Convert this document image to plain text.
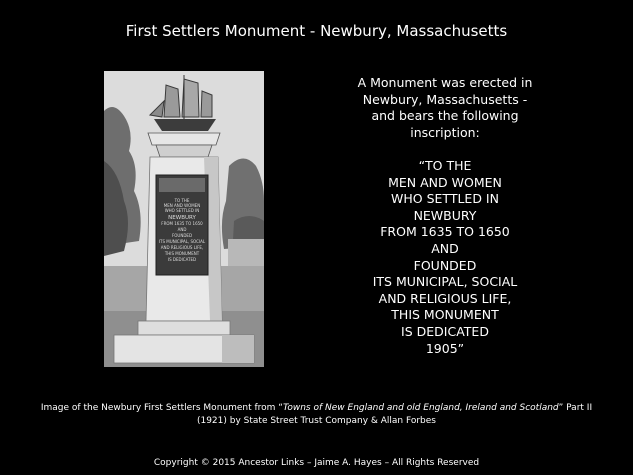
First Settlers Monument - Newbury, Massachusetts
TO THE
MEN AND WOMEN
WHO SETTLED IN
NEWBURY
FROM 1635 TO 1650
AND
FOUNDED
ITS MUNICIPAL, SOCIAL
AND RELIGIOUS LIFE,
THIS MONUMENT
IS DEDICATED
A Monument was erected in
Newbury, Massachusetts -
and bears the following
inscription:
“TO THE
MEN AND WOMEN
WHO SETTLED IN
NEWBURY
FROM 1635 TO 1650
AND
FOUNDED
ITS MUNICIPAL, SOCIAL
AND RELIGIOUS LIFE,
THIS MONUMENT
IS DEDICATED
1905”
Image of the Newbury First Settlers Monument from “Towns of New England and old England, Ireland and Scotland” Part II (1921) by State Street Trust Company & Allan Forbes
Copyright © 2015 Ancestor Links – Jaime A. Hayes – All Rights Reserved
